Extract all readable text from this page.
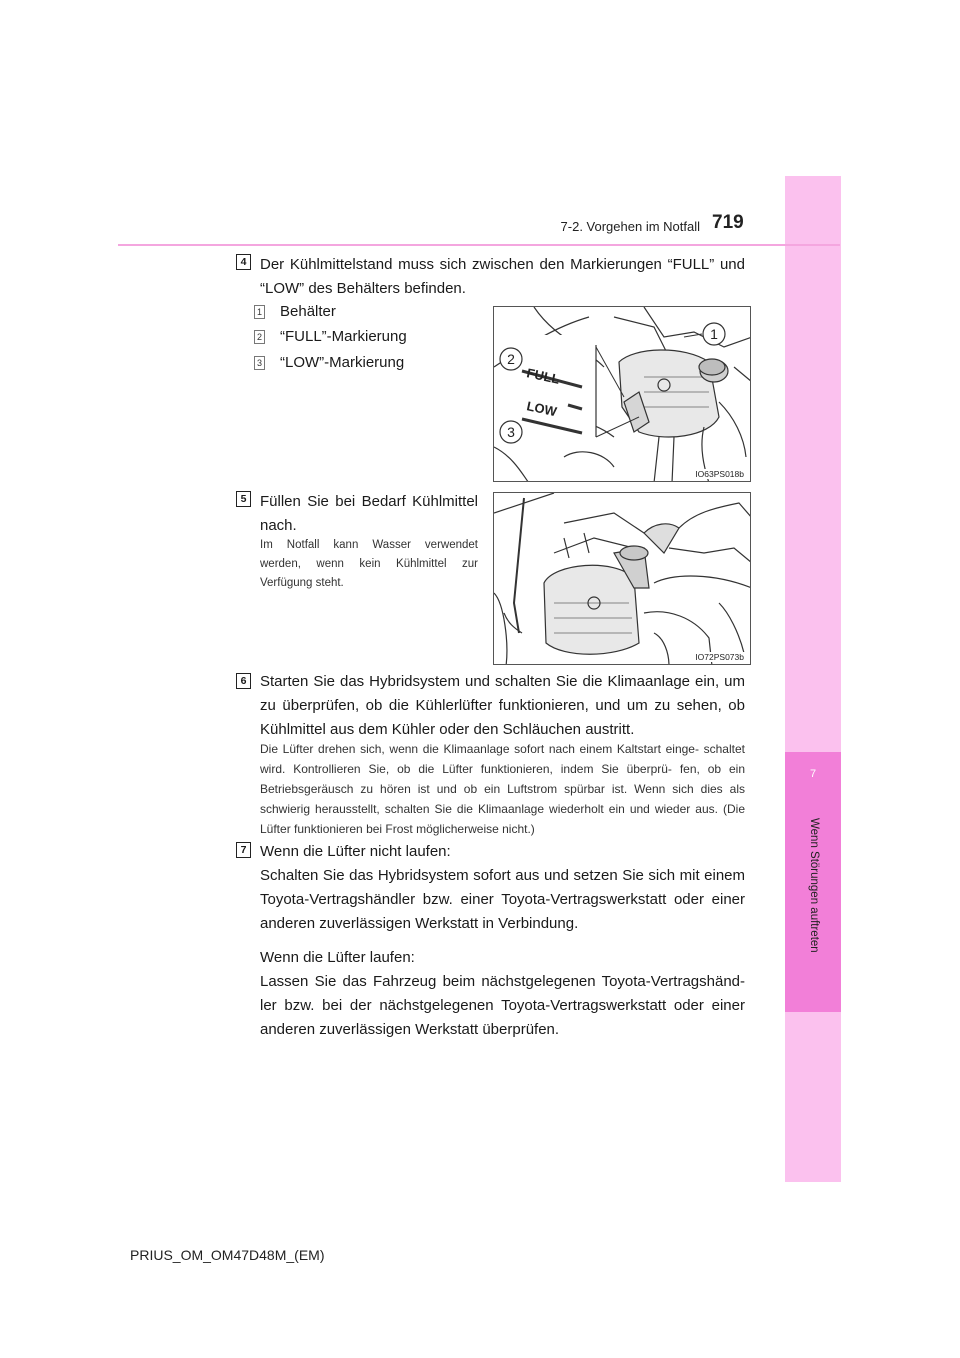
7
Wenn Störungen auftreten
7-2. Vorgehen im Notfall 719
4 Der Kühlmittelstand muss sich zwischen den Markierungen “FULL” und “LOW” des Behälters befinden.
1 Behälter
2 “FULL”-Markierung
3 “LOW”-Markierung
FULL
LOW
1
2
3
IO63PS018b
5 Füllen Sie bei Bedarf Kühlmittel nach.
Im Notfall kann Wasser verwendet werden, wenn kein Kühlmittel zur Verfügung steht.
IO72PS073b
6 Starten Sie das Hybridsystem und schalten Sie die Klimaanlage ein, um zu überprüfen, ob die Kühlerlüfter funktionieren, und um zu sehen, ob Kühlmittel aus dem Kühler oder den Schläuchen austritt.
Die Lüfter drehen sich, wenn die Klimaanlage sofort nach einem Kaltstart einge- schaltet wird. Kontrollieren Sie, ob die Lüfter funktionieren, indem Sie überprü- fen, ob ein Betriebsgeräusch zu hören ist und ob ein Luftstrom spürbar ist. Wenn sich dies als schwierig herausstellt, schalten Sie die Klimaanlage wiederholt ein und wieder aus. (Die Lüfter funktionieren bei Frost möglicherweise nicht.)
7 Wenn die Lüfter nicht laufen:
Schalten Sie das Hybridsystem sofort aus und setzen Sie sich mit einem Toyota-Vertragshändler bzw. einer Toyota-Vertragswerkstatt oder einer anderen zuverlässigen Werkstatt in Verbindung.
Wenn die Lüfter laufen:
Lassen Sie das Fahrzeug beim nächstgelegenen Toyota-Vertragshänd- ler bzw. bei der nächstgelegenen Toyota-Vertragswerkstatt oder einer anderen zuverlässigen Werkstatt überprüfen.
PRIUS_OM_OM47D48M_(EM)
